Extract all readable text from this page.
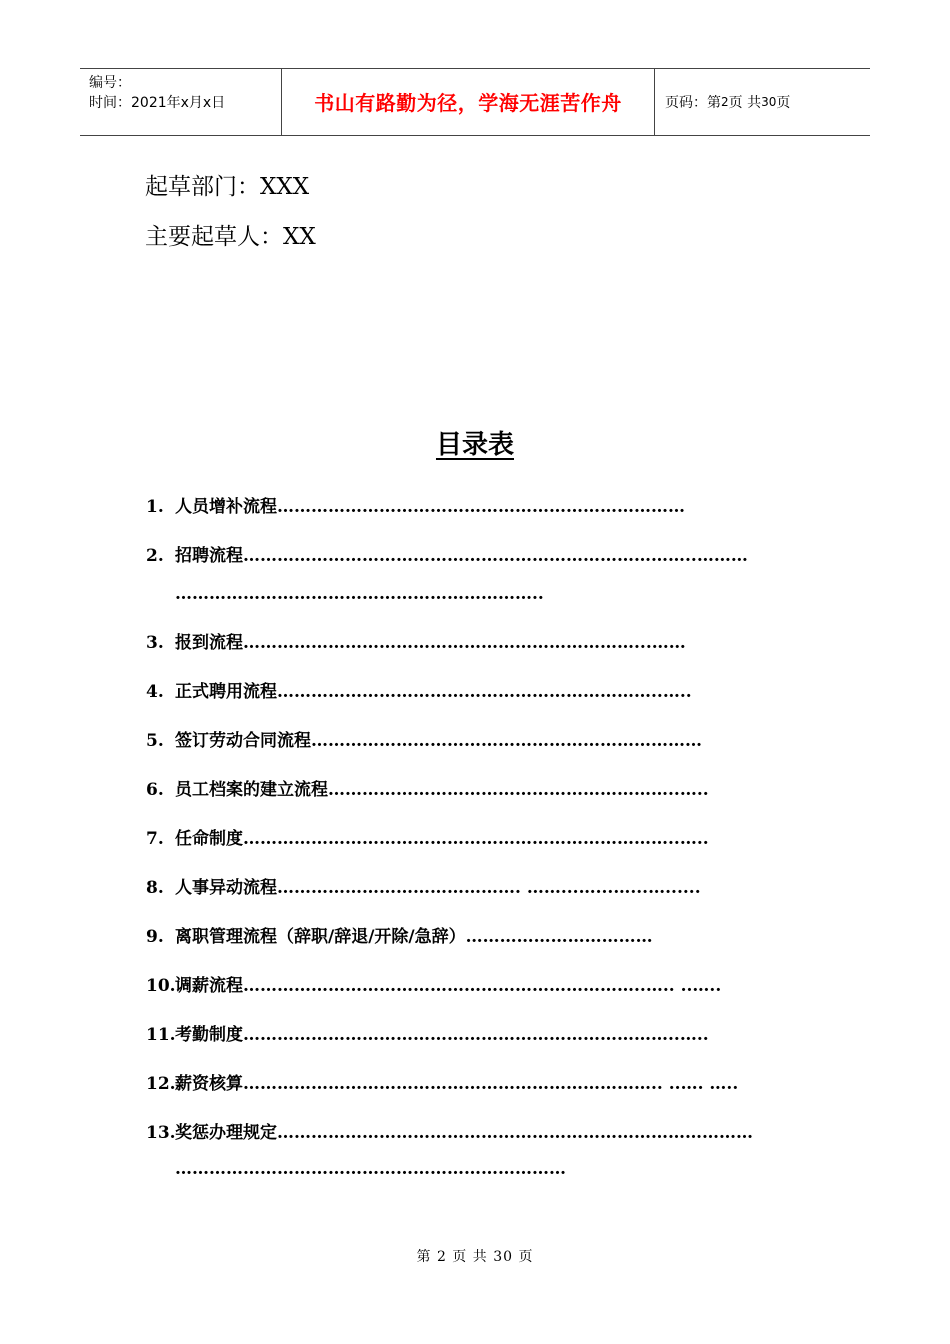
编号：
时间：2021年x月x日	书山有路勤为径，学海无涯苦作舟	页码：第 2 页 共 30 页
起草部门：XXX
主要起草人：XX
目录表
1. 人员增补流程………………………………………………………………
2. 招聘流程……………………………………………………………………..………
………………………………………………………..
3. 报到流程……………………………………………………………...……
4. 正式聘用流程…………………………………………………………..…..
5. 签订劳动合同流程……………………………………………………………
6. 员工档案的建立流程……………………………………………………..…..
7. 任命制度…………………………………………………………………..…..
8. 人事异动流程……………………………………. ……...…...…...…......
9. 离职管理流程（辞职/辞退/开除/急辞）……………………………
10.调薪流程……………………………………………………………..….. ..…..
11.考勤制度…………………………………………………………………..…..
12.薪资核算……………………………………………………………….. ..…. …..
13.奖惩办理规定…………………………………………………………………………
……………………………………………………………
第 2 页 共 30 页
